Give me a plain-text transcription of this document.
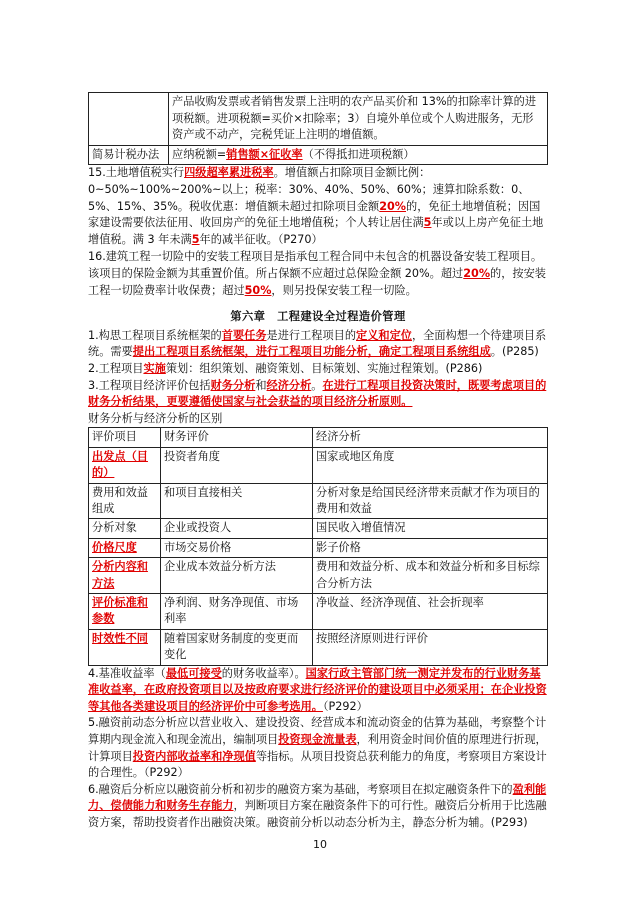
	产品收购发票或者销售发票上注明的农产品买价和 13%的扣除率计算的进项税额。进项税额=买价×扣除率；3）自境外单位或个人购进服务，无形资产或不动产，完税凭证上注明的增值额。
简易计税办法	应纳税额=销售额×征收率（不得抵扣进项税额）

15.土地增值税实行四级超率累进税率。增值额占扣除项目金额比例：0~50%~100%~200%~以上；税率：30%、40%、50%、60%；速算扣除系数：0、5%、15%、35%。税收优惠：增值额未超过扣除项目金额20%的，免征土地增值税；因国家建设需要依法征用、收回房产的免征土地增值税；个人转让居住满5年或以上房产免征土地增值税。满 3 年未满5年的减半征收。（P270）

16.建筑工程一切险中的安装工程项目是指承包工程合同中未包含的机器设备安装工程项目。该项目的保险金额为其重置价值。所占保额不应超过总保险金额 20%。超过20%的，按安装工程一切险费率计收保费；超过50%，则另投保安装工程一切险。

第六章　工程建设全过程造价管理

1.构思工程项目系统框架的首要任务是进行工程项目的定义和定位，全面构想一个待建项目系统。需要提出工程项目系统框架，进行工程项目功能分析，确定工程项目系统组成。(P285)

2.工程项目实施策划：组织策划、融资策划、目标策划、实施过程策划。(P286)

3.工程项目经济评价包括财务分析和经济分析。在进行工程项目投资决策时，既要考虑项目的财务分析结果，更要遵循使国家与社会获益的项目经济分析原则。

财务分析与经济分析的区别

评价项目	财务评价	经济分析
出发点（目的）	投资者角度	国家或地区角度
费用和效益组成	和项目直接相关	分析对象是给国民经济带来贡献才作为项目的费用和效益
分析对象	企业或投资人	国民收入增值情况
价格尺度	市场交易价格	影子价格
分析内容和方法	企业成本效益分析方法	费用和效益分析、成本和效益分析和多目标综合分析方法
评价标准和参数	净利润、财务净现值、市场利率	净收益、经济净现值、社会折现率
时效性不同	随着国家财务制度的变更而变化	按照经济原则进行评价

4.基准收益率（最低可接受的财务收益率）。国家行政主管部门统一测定并发布的行业财务基准收益率，在政府投资项目以及按政府要求进行经济评价的建设项目中必须采用；在企业投资等其他各类建设项目的经济评价中可参考选用。（P292）

5.融资前动态分析应以营业收入、建设投资、经营成本和流动资金的估算为基础，考察整个计算期内现金流入和现金流出，编制项目投资现金流量表，利用资金时间价值的原理进行折现，计算项目投资内部收益率和净现值等指标。从项目投资总获利能力的角度，考察项目方案设计的合理性。（P292）

6.融资后分析应以融资前分析和初步的融资方案为基础，考察项目在拟定融资条件下的盈利能力、偿债能力和财务生存能力，判断项目方案在融资条件下的可行性。融资后分析用于比选融资方案，帮助投资者作出融资决策。融资前分析以动态分析为主，静态分析为辅。(P293)

10
